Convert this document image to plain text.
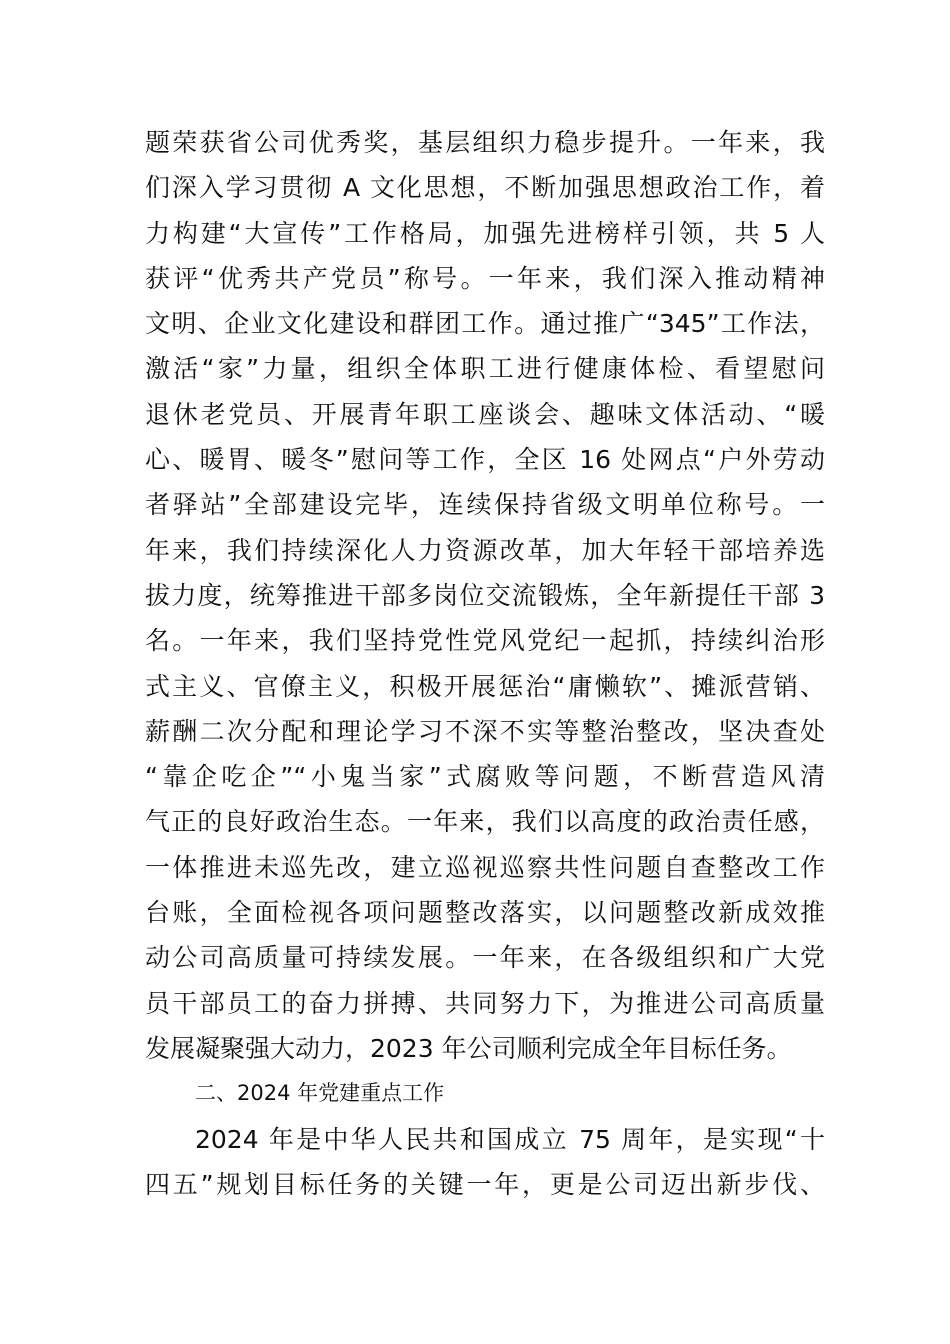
题荣获省公司优秀奖，基层组织力稳步提升。一年来，我
们深入学习贯彻 A 文化思想，不断加强思想政治工作，着
力构建“大宣传”工作格局，加强先进榜样引领，共 5 人
获评“优秀共产党员”称号。一年来，我们深入推动精神
文明、企业文化建设和群团工作。通过推广“345”工作法，
激活“家”力量，组织全体职工进行健康体检、看望慰问
退休老党员、开展青年职工座谈会、趣味文体活动、“暖
心、暖胃、暖冬”慰问等工作，全区 16 处网点“户外劳动
者驿站”全部建设完毕，连续保持省级文明单位称号。一
年来，我们持续深化人力资源改革，加大年轻干部培养选
拔力度，统筹推进干部多岗位交流锻炼，全年新提任干部 3
名。一年来，我们坚持党性党风党纪一起抓，持续纠治形
式主义、官僚主义，积极开展惩治“庸懒软”、摊派营销、
薪酬二次分配和理论学习不深不实等整治整改，坚决查处
“靠企吃企”“小鬼当家”式腐败等问题，不断营造风清
气正的良好政治生态。一年来，我们以高度的政治责任感，
一体推进未巡先改，建立巡视巡察共性问题自查整改工作
台账，全面检视各项问题整改落实，以问题整改新成效推
动公司高质量可持续发展。一年来，在各级组织和广大党
员干部员工的奋力拼搏、共同努力下，为推进公司高质量
发展凝聚强大动力，2023 年公司顺利完成全年目标任务。
二、2024 年党建重点工作
2024 年是中华人民共和国成立 75 周年，是实现“十
四五”规划目标任务的关键一年，更是公司迈出新步伐、
